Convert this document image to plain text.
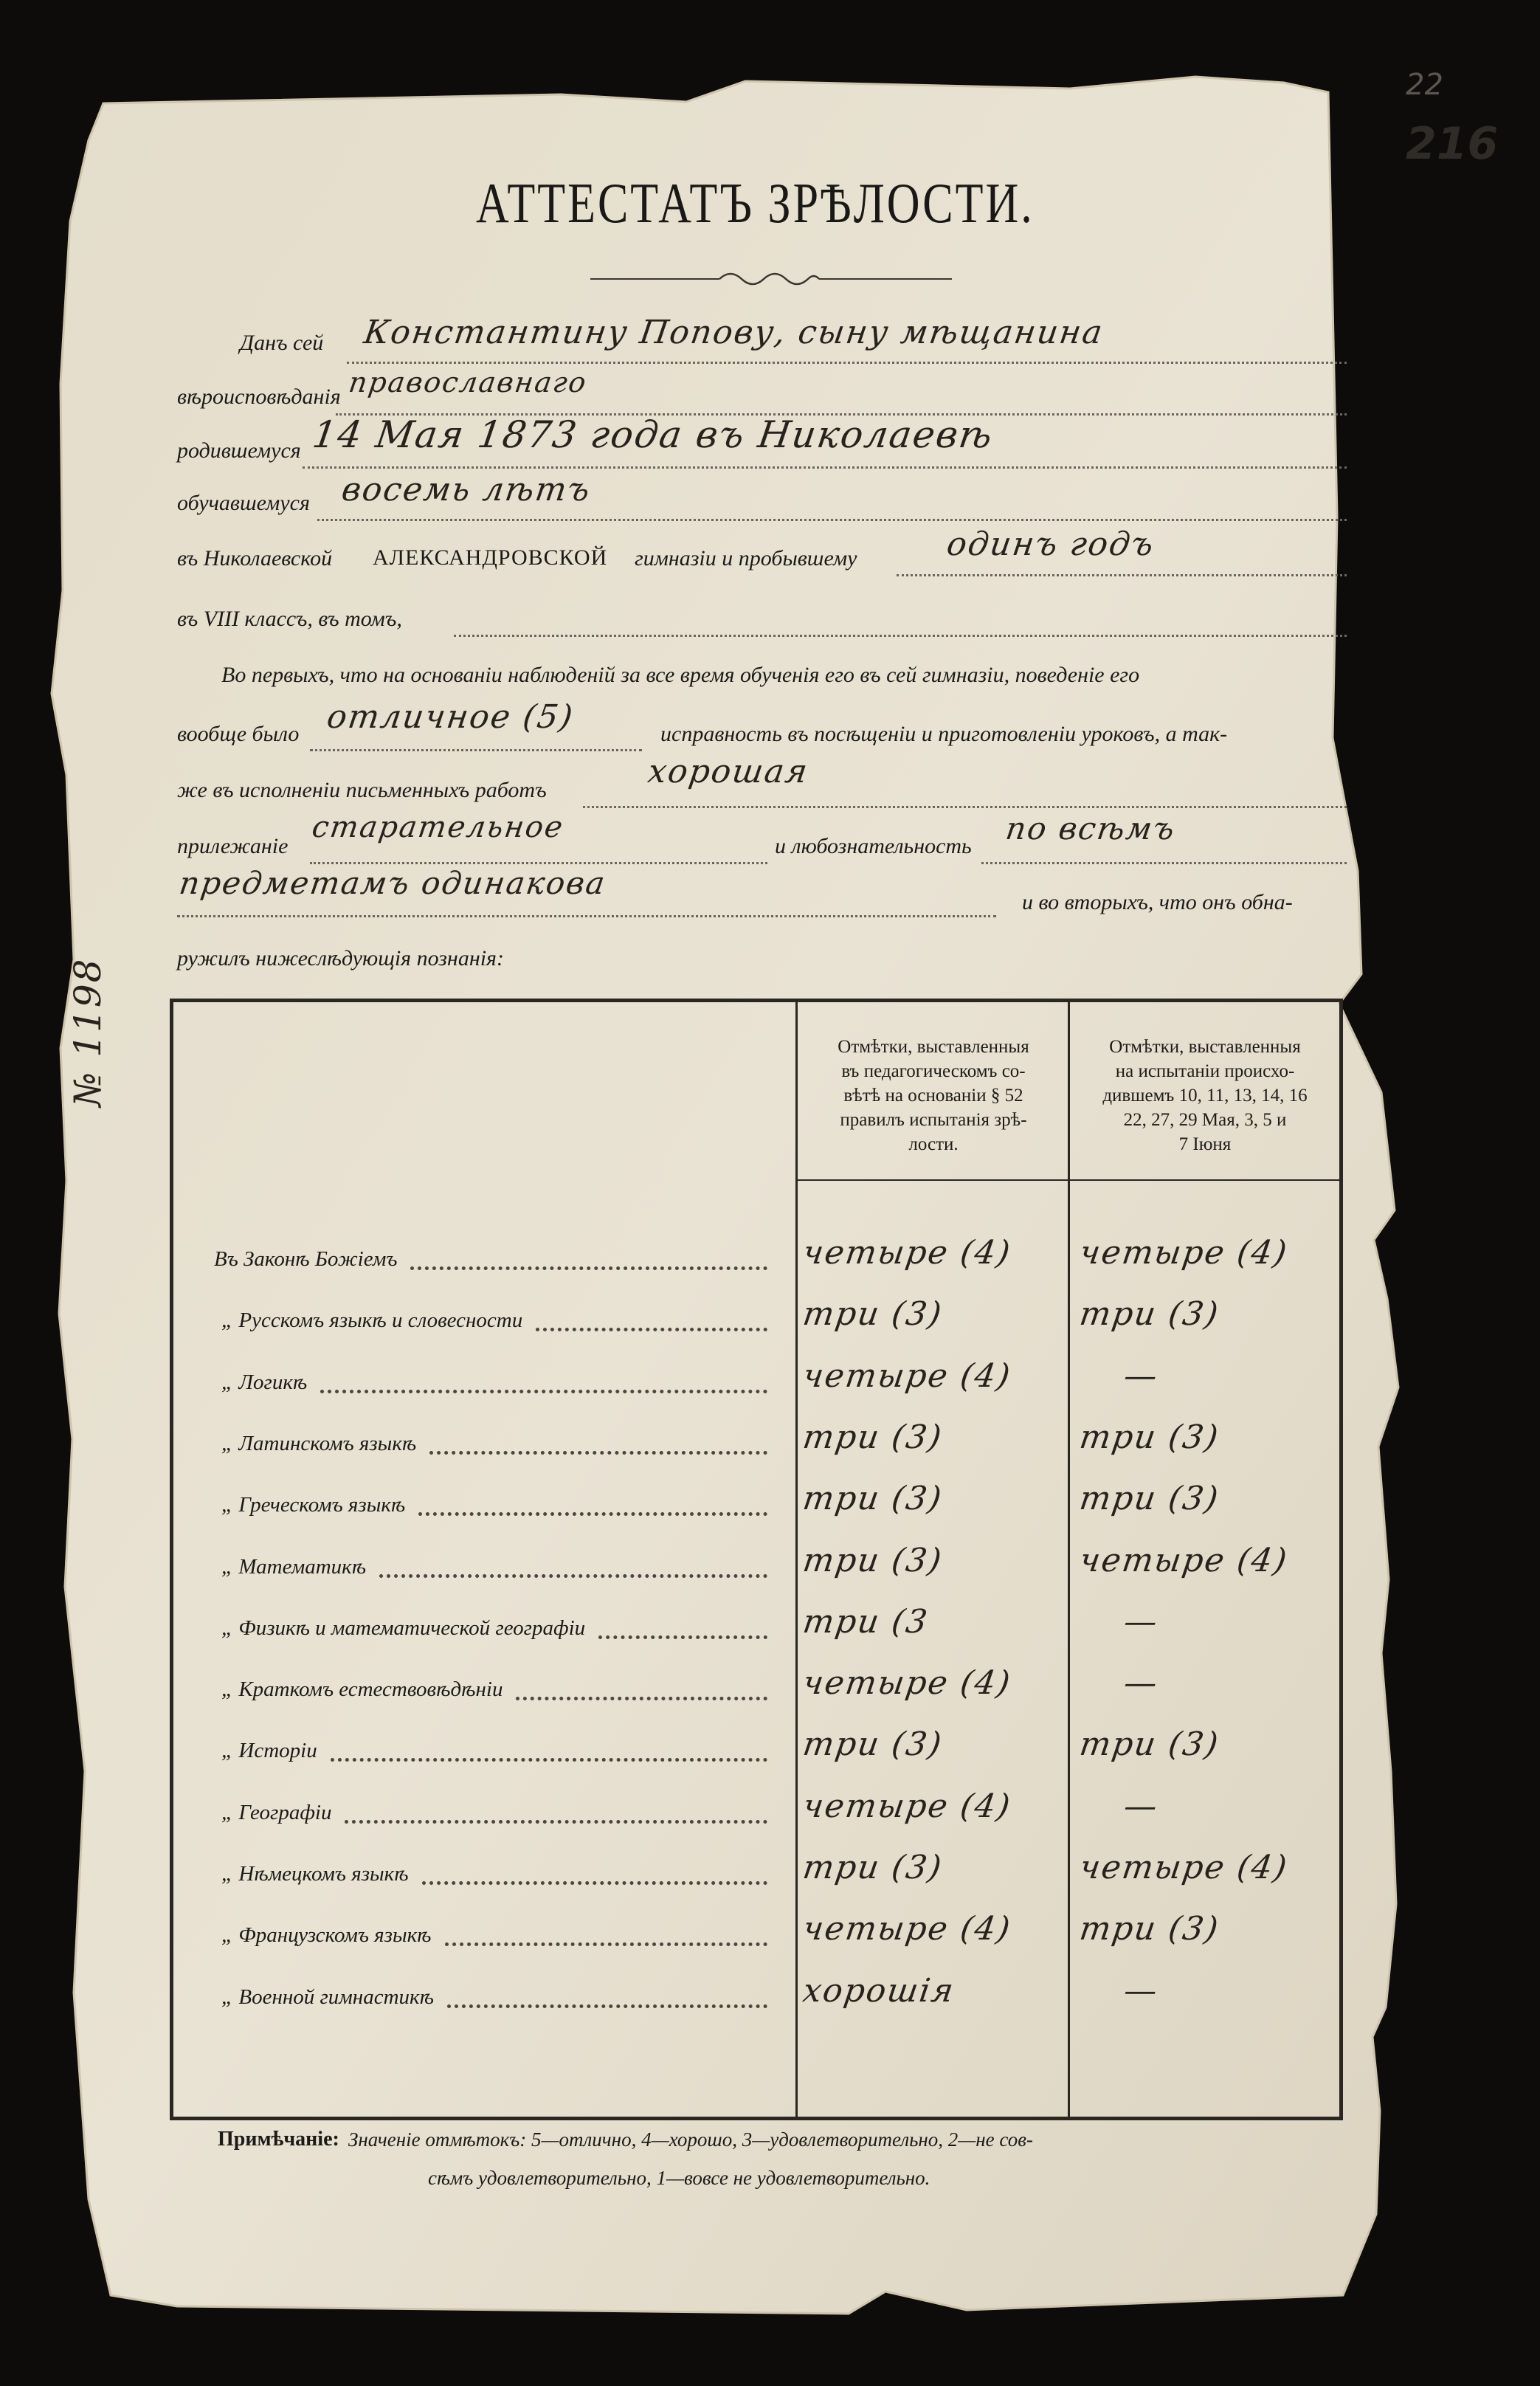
22
216
№ 1198
АТТЕСТАТЪ ЗРѢЛОСТИ.
Данъ сей Константину Попову, сыну мѣщанина
вѣроисповѣданія православнаго
родившемуся 14 Мая 1873 года въ Николаевѣ
обучавшемуся восемь лѣтъ
въ Николаевской АЛЕКСАНДРОВСКОЙ гимназіи и пробывшему	одинъ годъ
въ VIII классъ, въ томъ,
Во первыхъ, что на основаніи наблюденій за все время обученія его въ сей гимназіи, поведеніе его
вообще было отличное (5)	исправность въ посѣщеніи и приготовленіи уроковъ, а так-
же въ исполненіи письменныхъ работъ	хорошая
прилежаніе
старательное
и любознательность по всѣмъ
предметамъ одинакова
и во вторыхъ, что онъ обна-
ружилъ нижеслѣдующія познанія:
Отмѣтки, выставленныя
въ педагогическомъ со-
вѣтѣ на основаніи § 52
правилъ испытанія зрѣ-
лости.
Отмѣтки, выставленныя
на испытаніи происхо-
дившемъ 10, 11, 13, 14, 16
22, 27, 29 Мая, 3, 5 и
7 Іюня
Въ Законѣ Божіемъ	четыре (4) четыре (4)
„ Русскомъ языкѣ и словесности	три (3)	три (3)
„ Логикѣ	четыре (4)	—
„ Латинскомъ языкѣ	три (3)	три (3)
„ Греческомъ языкѣ	три (3)	три (3)
„ Математикѣ	три (3)	четыре (4)
„ Физикѣ и математической географіи	три (3	—
„ Краткомъ естествовѣдѣніи	четыре (4)	—
„ Исторіи	три (3)	три (3)
„ Географіи	четыре (4)	—
„ Нѣмецкомъ языкѣ	три (3)	четыре (4)
„ Французскомъ языкѣ	четыре (4) три (3)
„ Военной гимнастикѣ	хорошія	—
Примѣчаніе: Значеніе отмѣтокъ: 5—отлично, 4—хорошо, 3—удовлетворительно, 2—не сов-
сѣмъ удовлетворительно, 1—вовсе не удовлетворительно.
